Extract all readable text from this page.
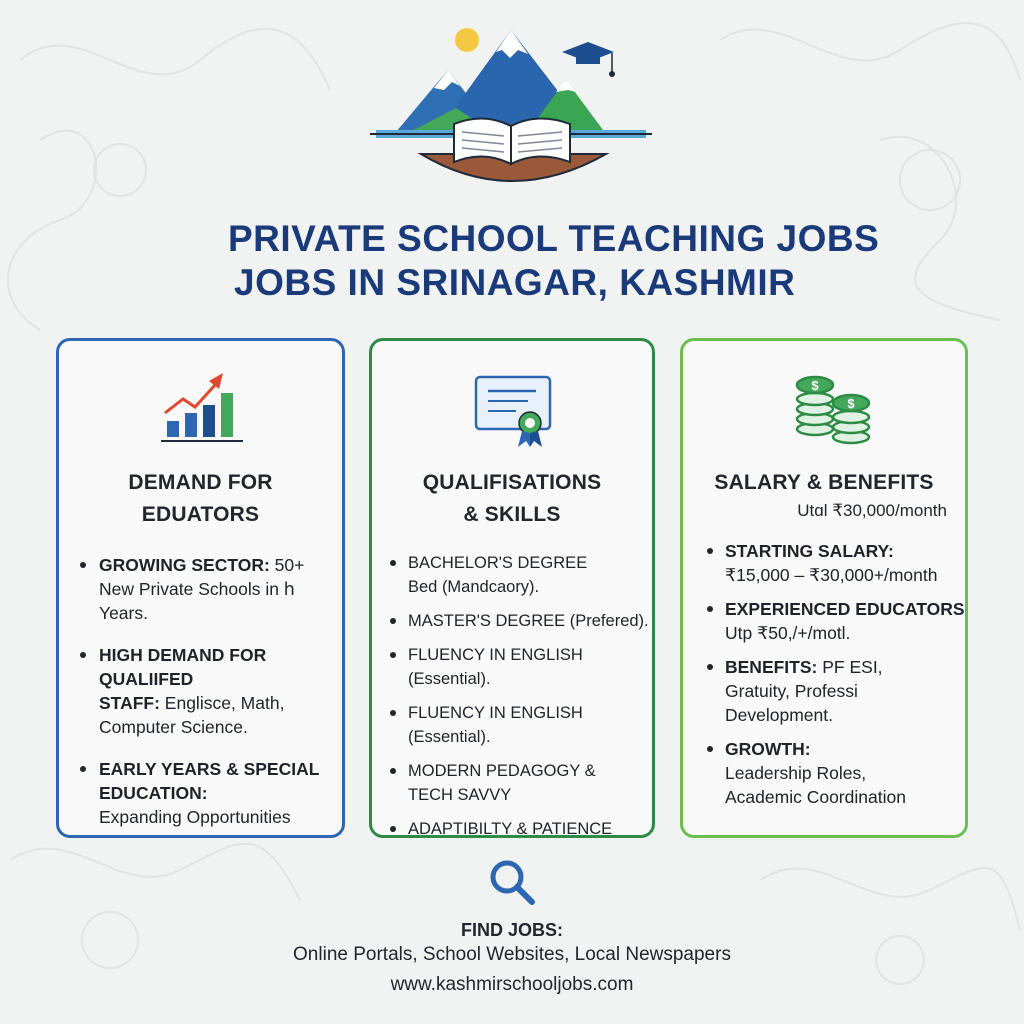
PRIVATE SCHOOL TEACHING JOBS
JOBS IN SRINAGAR, KASHMIR

DEMAND FOR

EDUATORS

GROWING SECTOR: 50+
New Private Schools in հ
Years.
HIGH DEMAND FOR QUALIIFED
STAFF: Englisce, Math,
Computer Science.
EARLY YEARS & SPECIAL
EDUCATION:
Expanding Opportunities

QUALIFISATIONS

& SKILLS

BACHELOR'S DEGREE
Bed (Mandcaory).
MASTER'S DEGREE (Prefered).
FLUENCY IN ENGLISH (Essential).
FLUENCY IN ENGLISH (Essential).
MODERN PEDAGOGY &
TECH SAVVY
ADAPTIBILTY & PATIENCE
$
$

SALARY & BENEFITS

Utɑl ₹30,000/month
STARTING SALARY:
₹15,000 – ₹30,000+/month
EXPERIENCED EDUCATORS
Utp ₹50,/+/motl.
BENEFITS: PF ESI,
Gratuity, Professi
Development.
GROWTH:
Leadership Roles,
Academic Coordination
FIND JOBS:
Online Portals, School Websites, Local Newspapers
www.kashmirschooljobs.com
